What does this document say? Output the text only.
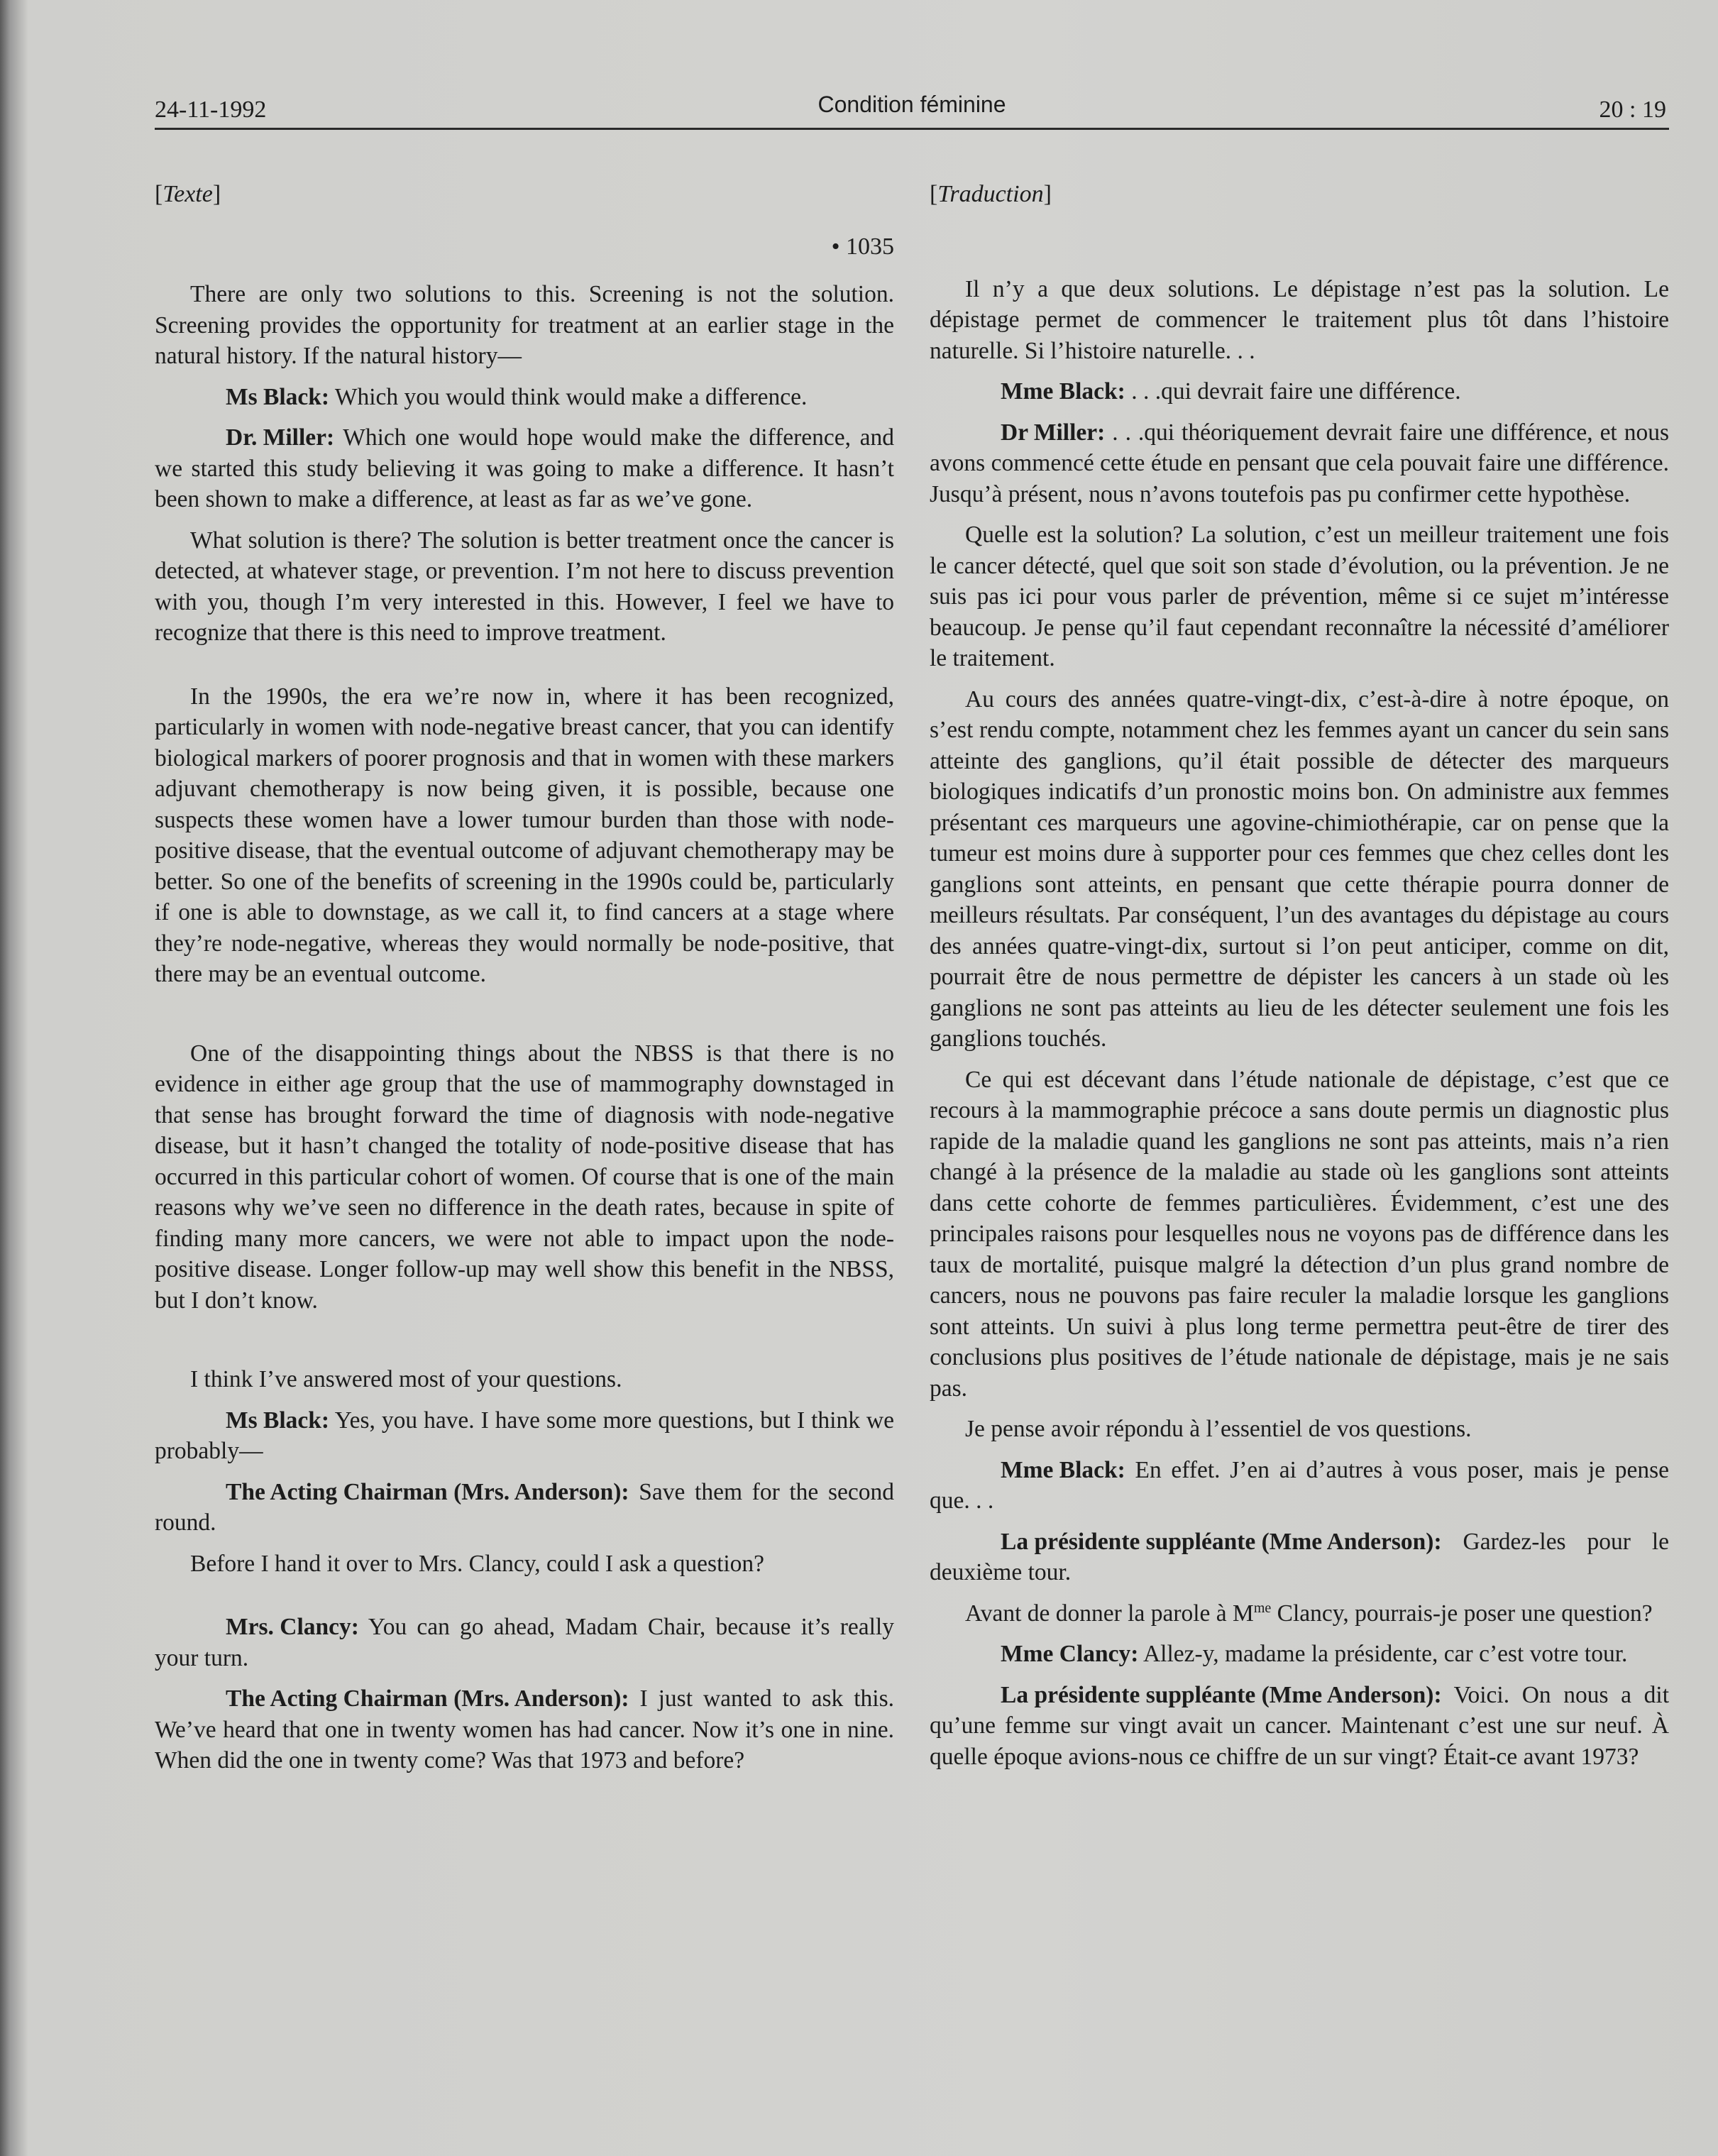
24-11-1992	Condition féminine	20 : 19
[Texte]
• 1035

There are only two solutions to this. Screening is not the solution. Screening provides the opportunity for treatment at an earlier stage in the natural history. If the natural history—

Ms Black: Which you would think would make a difference.

Dr. Miller: Which one would hope would make the difference, and we started this study believing it was going to make a difference. It hasn’t been shown to make a difference, at least as far as we’ve gone.

What solution is there? The solution is better treatment once the cancer is detected, at whatever stage, or prevention. I’m not here to discuss prevention with you, though I’m very interested in this. However, I feel we have to recognize that there is this need to improve treatment.

In the 1990s, the era we’re now in, where it has been recognized, particularly in women with node-negative breast cancer, that you can identify biological markers of poorer prognosis and that in women with these markers adjuvant chemotherapy is now being given, it is possible, because one suspects these women have a lower tumour burden than those with node-positive disease, that the eventual outcome of adjuvant chemotherapy may be better. So one of the benefits of screening in the 1990s could be, particularly if one is able to downstage, as we call it, to find cancers at a stage where they’re node-negative, whereas they would normally be node-positive, that there may be an eventual outcome.

One of the disappointing things about the NBSS is that there is no evidence in either age group that the use of mammography downstaged in that sense has brought forward the time of diagnosis with node-negative disease, but it hasn’t changed the totality of node-positive disease that has occurred in this particular cohort of women. Of course that is one of the main reasons why we’ve seen no difference in the death rates, because in spite of finding many more cancers, we were not able to impact upon the node-positive disease. Longer follow-up may well show this benefit in the NBSS, but I don’t know.

I think I’ve answered most of your questions.

Ms Black: Yes, you have. I have some more questions, but I think we probably—

The Acting Chairman (Mrs. Anderson): Save them for the second round.

Before I hand it over to Mrs. Clancy, could I ask a question?

Mrs. Clancy: You can go ahead, Madam Chair, because it’s really your turn.

The Acting Chairman (Mrs. Anderson): I just wanted to ask this. We’ve heard that one in twenty women has had cancer. Now it’s one in nine. When did the one in twenty come? Was that 1973 and before?

[Traduction]

Il n’y a que deux solutions. Le dépistage n’est pas la solution. Le dépistage permet de commencer le traitement plus tôt dans l’histoire naturelle. Si l’histoire naturelle. . .

Mme Black: . . .qui devrait faire une différence.

Dr Miller: . . .qui théoriquement devrait faire une différence, et nous avons commencé cette étude en pensant que cela pouvait faire une différence. Jusqu’à présent, nous n’avons toutefois pas pu confirmer cette hypothèse.

Quelle est la solution? La solution, c’est un meilleur traitement une fois le cancer détecté, quel que soit son stade d’évolution, ou la prévention. Je ne suis pas ici pour vous parler de prévention, même si ce sujet m’intéresse beaucoup. Je pense qu’il faut cependant reconnaître la nécessité d’améliorer le traitement.

Au cours des années quatre-vingt-dix, c’est-à-dire à notre époque, on s’est rendu compte, notamment chez les femmes ayant un cancer du sein sans atteinte des ganglions, qu’il était possible de détecter des marqueurs biologiques indicatifs d’un pronostic moins bon. On administre aux femmes présentant ces marqueurs une agovine-chimiothérapie, car on pense que la tumeur est moins dure à supporter pour ces femmes que chez celles dont les ganglions sont atteints, en pensant que cette thérapie pourra donner de meilleurs résultats. Par conséquent, l’un des avantages du dépistage au cours des années quatre-vingt-dix, surtout si l’on peut anticiper, comme on dit, pourrait être de nous permettre de dépister les cancers à un stade où les ganglions ne sont pas atteints au lieu de les détecter seulement une fois les ganglions touchés.

Ce qui est décevant dans l’étude nationale de dépistage, c’est que ce recours à la mammographie précoce a sans doute permis un diagnostic plus rapide de la maladie quand les ganglions ne sont pas atteints, mais n’a rien changé à la présence de la maladie au stade où les ganglions sont atteints dans cette cohorte de femmes particulières. Évidemment, c’est une des principales raisons pour lesquelles nous ne voyons pas de différence dans les taux de mortalité, puisque malgré la détection d’un plus grand nombre de cancers, nous ne pouvons pas faire reculer la maladie lorsque les ganglions sont atteints. Un suivi à plus long terme permettra peut-être de tirer des conclusions plus positives de l’étude nationale de dépistage, mais je ne sais pas.

Je pense avoir répondu à l’essentiel de vos questions.

Mme Black: En effet. J’en ai d’autres à vous poser, mais je pense que. . .

La présidente suppléante (Mme Anderson): Gardez-les pour le deuxième tour.

Avant de donner la parole à $M^{me}$ Clancy, pourrais-je poser une question?

Mme Clancy: Allez-y, madame la présidente, car c’est votre tour.

La présidente suppléante (Mme Anderson): Voici. On nous a dit qu’une femme sur vingt avait un cancer. Maintenant c’est une sur neuf. À quelle époque avions-nous ce chiffre de un sur vingt? Était-ce avant 1973?
